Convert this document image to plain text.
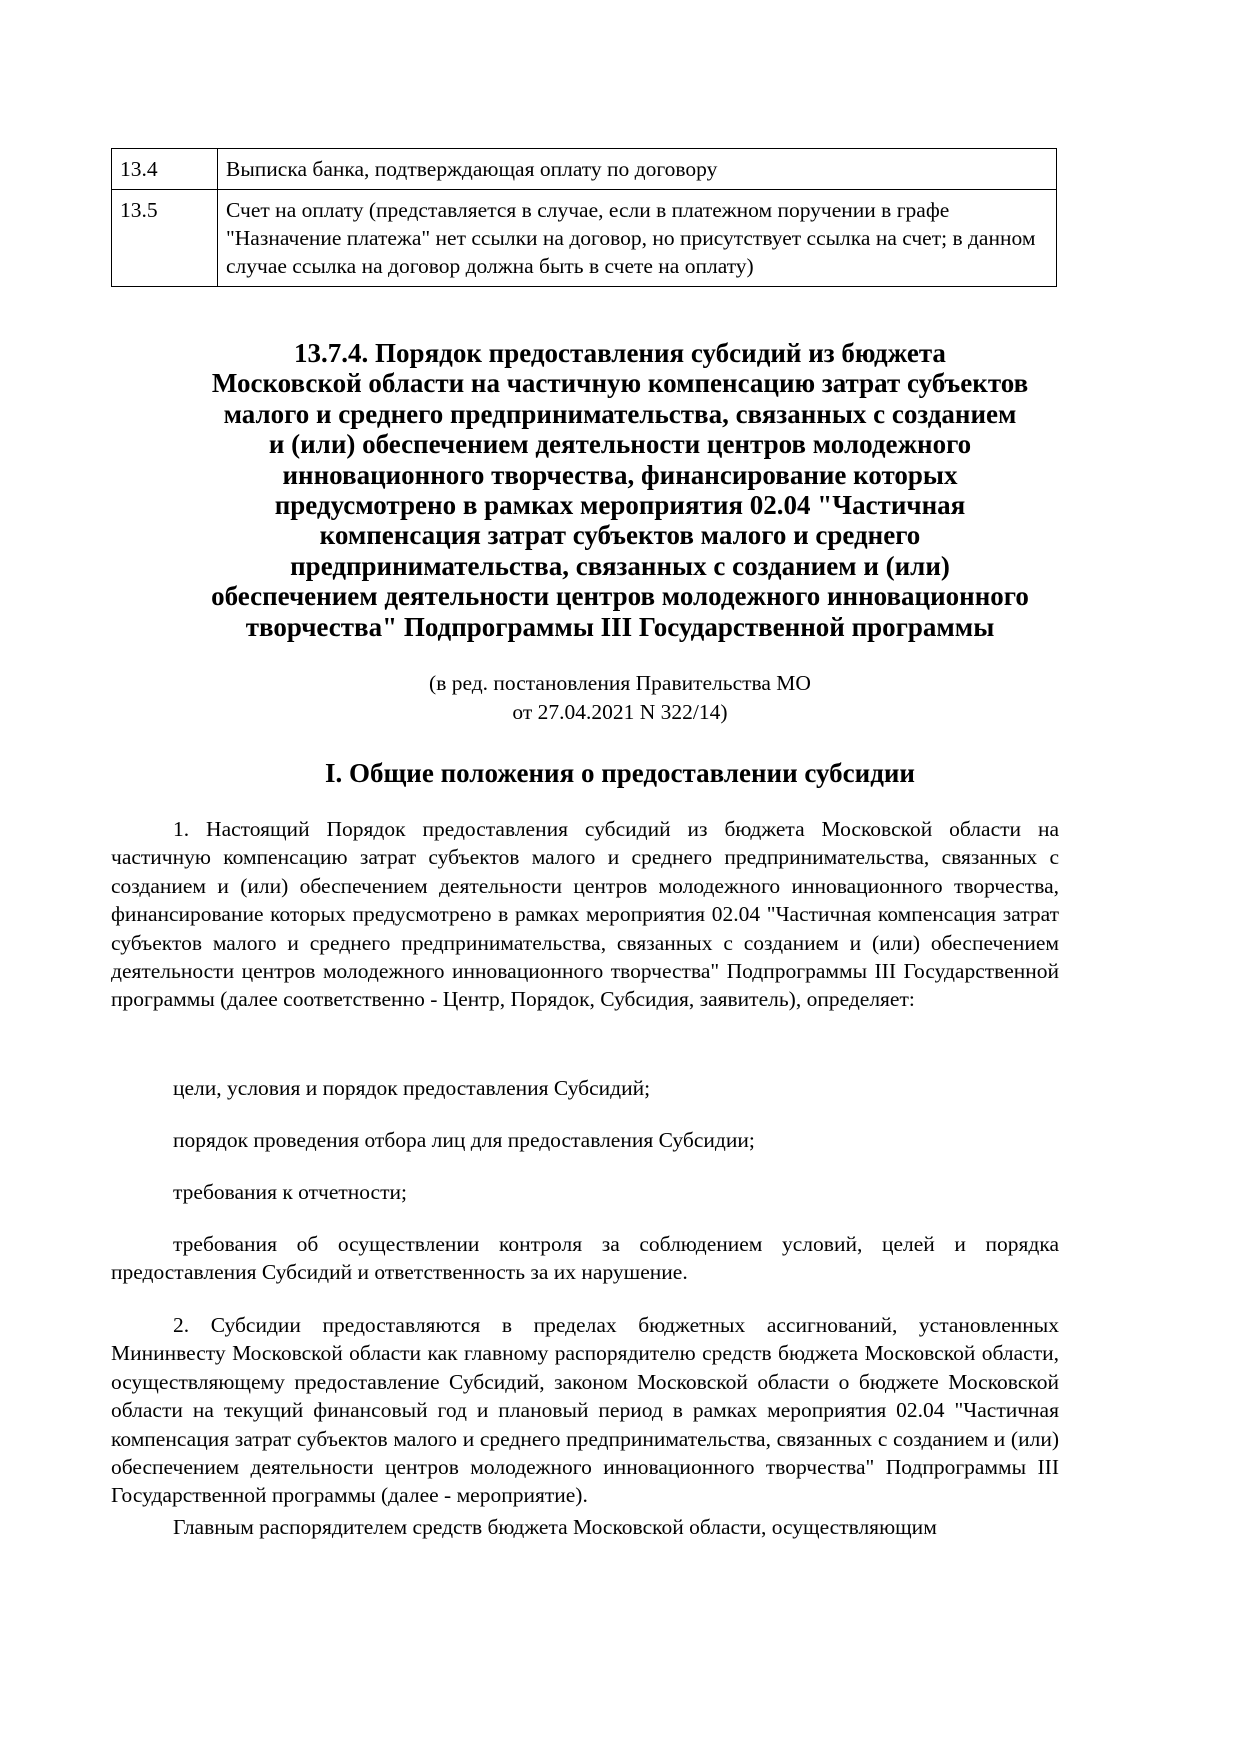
13.4	Выписка банка, подтверждающая оплату по договору
13.5	Счет на оплату (представляется в случае, если в платежном поручении в графе "Назначение платежа" нет ссылки на договор, но присутствует ссылка на счет; в данном случае ссылка на договор должна быть в счете на оплату)
13.7.4. Порядок предоставления субсидий из бюджета
Московской области на частичную компенсацию затрат субъектов
малого и среднего предпринимательства, связанных с созданием
и (или) обеспечением деятельности центров молодежного
инновационного творчества, финансирование которых
предусмотрено в рамках мероприятия 02.04 "Частичная
компенсация затрат субъектов малого и среднего
предпринимательства, связанных с созданием и (или)
обеспечением деятельности центров молодежного инновационного
творчества" Подпрограммы III Государственной программы
(в ред. постановления Правительства МО
от 27.04.2021 N 322/14)
I. Общие положения о предоставлении субсидии

1. Настоящий Порядок предоставления субсидий из бюджета Московской области на частичную компенсацию затрат субъектов малого и среднего предпринимательства, связанных с созданием и (или) обеспечением деятельности центров молодежного инновационного творчества, финансирование которых предусмотрено в рамках мероприятия 02.04 "Частичная компенсация затрат субъектов малого и среднего предпринимательства, связанных с созданием и (или) обеспечением деятельности центров молодежного инновационного творчества" Подпрограммы III Государственной программы (далее соответственно - Центр, Порядок, Субсидия, заявитель), определяет:

цели, условия и порядок предоставления Субсидий;

порядок проведения отбора лиц для предоставления Субсидии;

требования к отчетности;

требования об осуществлении контроля за соблюдением условий, целей и порядка предоставления Субсидий и ответственность за их нарушение.

2. Субсидии предоставляются в пределах бюджетных ассигнований, установленных Мининвесту Московской области как главному распорядителю средств бюджета Московской области, осуществляющему предоставление Субсидий, законом Московской области о бюджете Московской области на текущий финансовый год и плановый период в рамках мероприятия 02.04 "Частичная компенсация затрат субъектов малого и среднего предпринимательства, связанных с созданием и (или) обеспечением деятельности центров молодежного инновационного творчества" Подпрограммы III Государственной программы (далее - мероприятие).

Главным распорядителем средств бюджета Московской области, осуществляющим
